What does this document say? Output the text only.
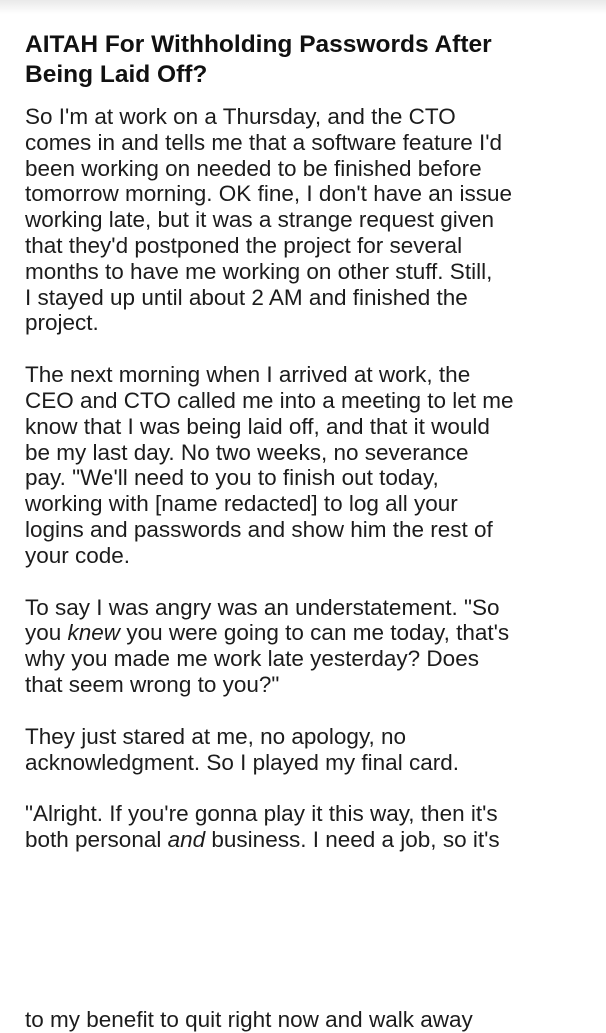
AITAH For Withholding Passwords After
Being Laid Off?
So I'm at work on a Thursday, and the CTO
comes in and tells me that a software feature I'd
been working on needed to be finished before
tomorrow morning. OK fine, I don't have an issue
working late, but it was a strange request given
that they'd postponed the project for several
months to have me working on other stuff. Still,
I stayed up until about 2 AM and finished the
project.
The next morning when I arrived at work, the
CEO and CTO called me into a meeting to let me
know that I was being laid off, and that it would
be my last day. No two weeks, no severance
pay. "We'll need to you to finish out today,
working with [name redacted] to log all your
logins and passwords and show him the rest of
your code.
To say I was angry was an understatement. "So
you knew you were going to can me today, that's
why you made me work late yesterday? Does
that seem wrong to you?"
They just stared at me, no apology, no
acknowledgment. So I played my final card.
"Alright. If you're gonna play it this way, then it's
both personal and business. I need a job, so it's
to my benefit to quit right now and walk away
